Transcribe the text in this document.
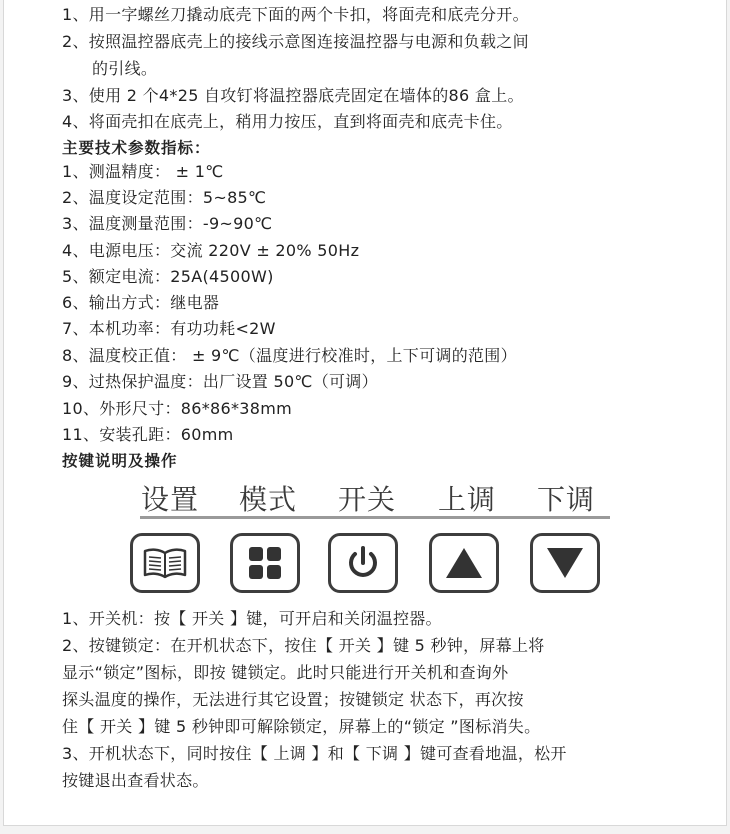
1、用一字螺丝刀撬动底壳下面的两个卡扣，将面壳和底壳分开。
2、按照温控器底壳上的接线示意图连接温控器与电源和负载之间
的引线。
3、使用 2 个4*25 自攻钉将温控器底壳固定在墙体的86 盒上。
4、将面壳扣在底壳上，稍用力按压，直到将面壳和底壳卡住。
主要技术参数指标：
1、测温精度： ± 1℃
2、温度设定范围：5~85℃
3、温度测量范围：-9~90℃
4、电源电压：交流 220V ± 20% 50Hz
5、额定电流：25A(4500W)
6、输出方式：继电器
7、本机功率：有功功耗<2W
8、温度校正值： ± 9℃（温度进行校准时，上下可调的范围）
9、过热保护温度：出厂设置 50℃（可调）
10、外形尺寸：86*86*38mm
11、安装孔距：60mm
按键说明及操作
设置 模式 开关 上调 下调
1、开关机：按【 开关 】键，可开启和关闭温控器。
2、按键锁定：在开机状态下，按住【 开关 】键 5 秒钟，屏幕上将
显示“锁定”图标，即按 键锁定。此时只能进行开关机和查询外
探头温度的操作，无法进行其它设置；按键锁定 状态下，再次按
住【 开关 】键 5 秒钟即可解除锁定，屏幕上的“锁定 ”图标消失。
3、开机状态下，同时按住【 上调 】和【 下调 】键可查看地温，松开
按键退出查看状态。
